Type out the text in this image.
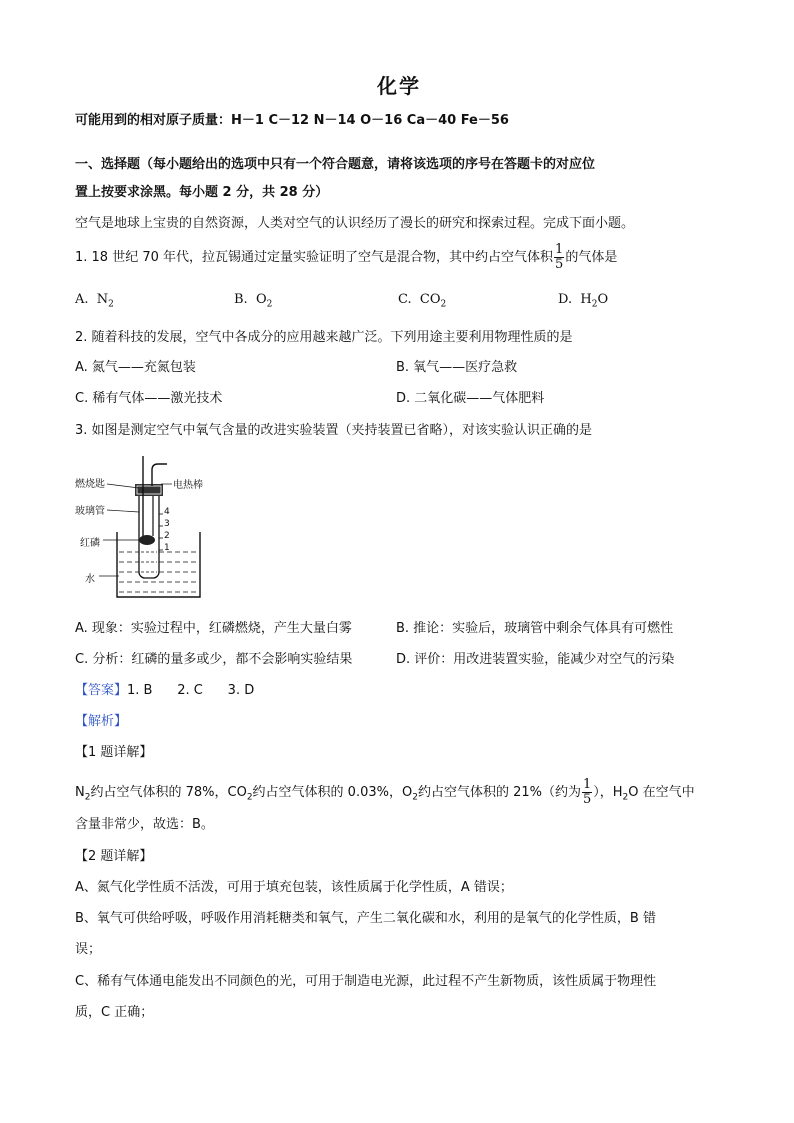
化学
可能用到的相对原子质量：H－1 C－12 N－14 O－16 Ca－40 Fe－56
一、选择题（每小题给出的选项中只有一个符合题意，请将该选项的序号在答题卡的对应位
置上按要求涂黑。每小题 2 分，共 28 分）
空气是地球上宝贵的自然资源，人类对空气的认识经历了漫长的研究和探索过程。完成下面小题。
1. 18 世纪 70 年代，拉瓦锡通过定量实验证明了空气是混合物，其中约占空气体积 $\frac{1}{5}$ 的气体是
A. $N_2$	B. $O_2$	C. $CO_2$	D. $H_2O$
2. 随着科技的发展，空气中各成分的应用越来越广泛。下列用途主要利用物理性质的是
A. 氮气——充氮包装	B. 氧气——医疗急救
C. 稀有气体——激光技术	D. 二氧化碳——气体肥料
3. 如图是测定空气中氧气含量的改进实验装置（夹持装置已省略），对该实验认识正确的是
燃烧匙	电热棒
玻璃管
红磷
水
4
3
2
1
A. 现象：实验过程中，红磷燃烧，产生大量白雾	B. 推论：实验后，玻璃管中剩余气体具有可燃性
C. 分析：红磷的量多或少，都不会影响实验结果	D. 评价：用改进装置实验，能减少对空气的污染
【答案】1. B      2. C      3. D
【解析】
【1 题详解】
$N_2$约占空气体积的 78%，$CO_2$约占空气体积的 0.03%，$O_2$约占空气体积的 21%（约为 $\frac{1}{5}$ ），$H_2O$ 在空气中
含量非常少，故选：B。
【2 题详解】
A、氮气化学性质不活泼，可用于填充包装，该性质属于化学性质，A 错误；
B、氧气可供给呼吸，呼吸作用消耗糖类和氧气，产生二氧化碳和水，利用的是氧气的化学性质，B 错
误；
C、稀有气体通电能发出不同颜色的光，可用于制造电光源，此过程不产生新物质，该性质属于物理性
质，C 正确；
